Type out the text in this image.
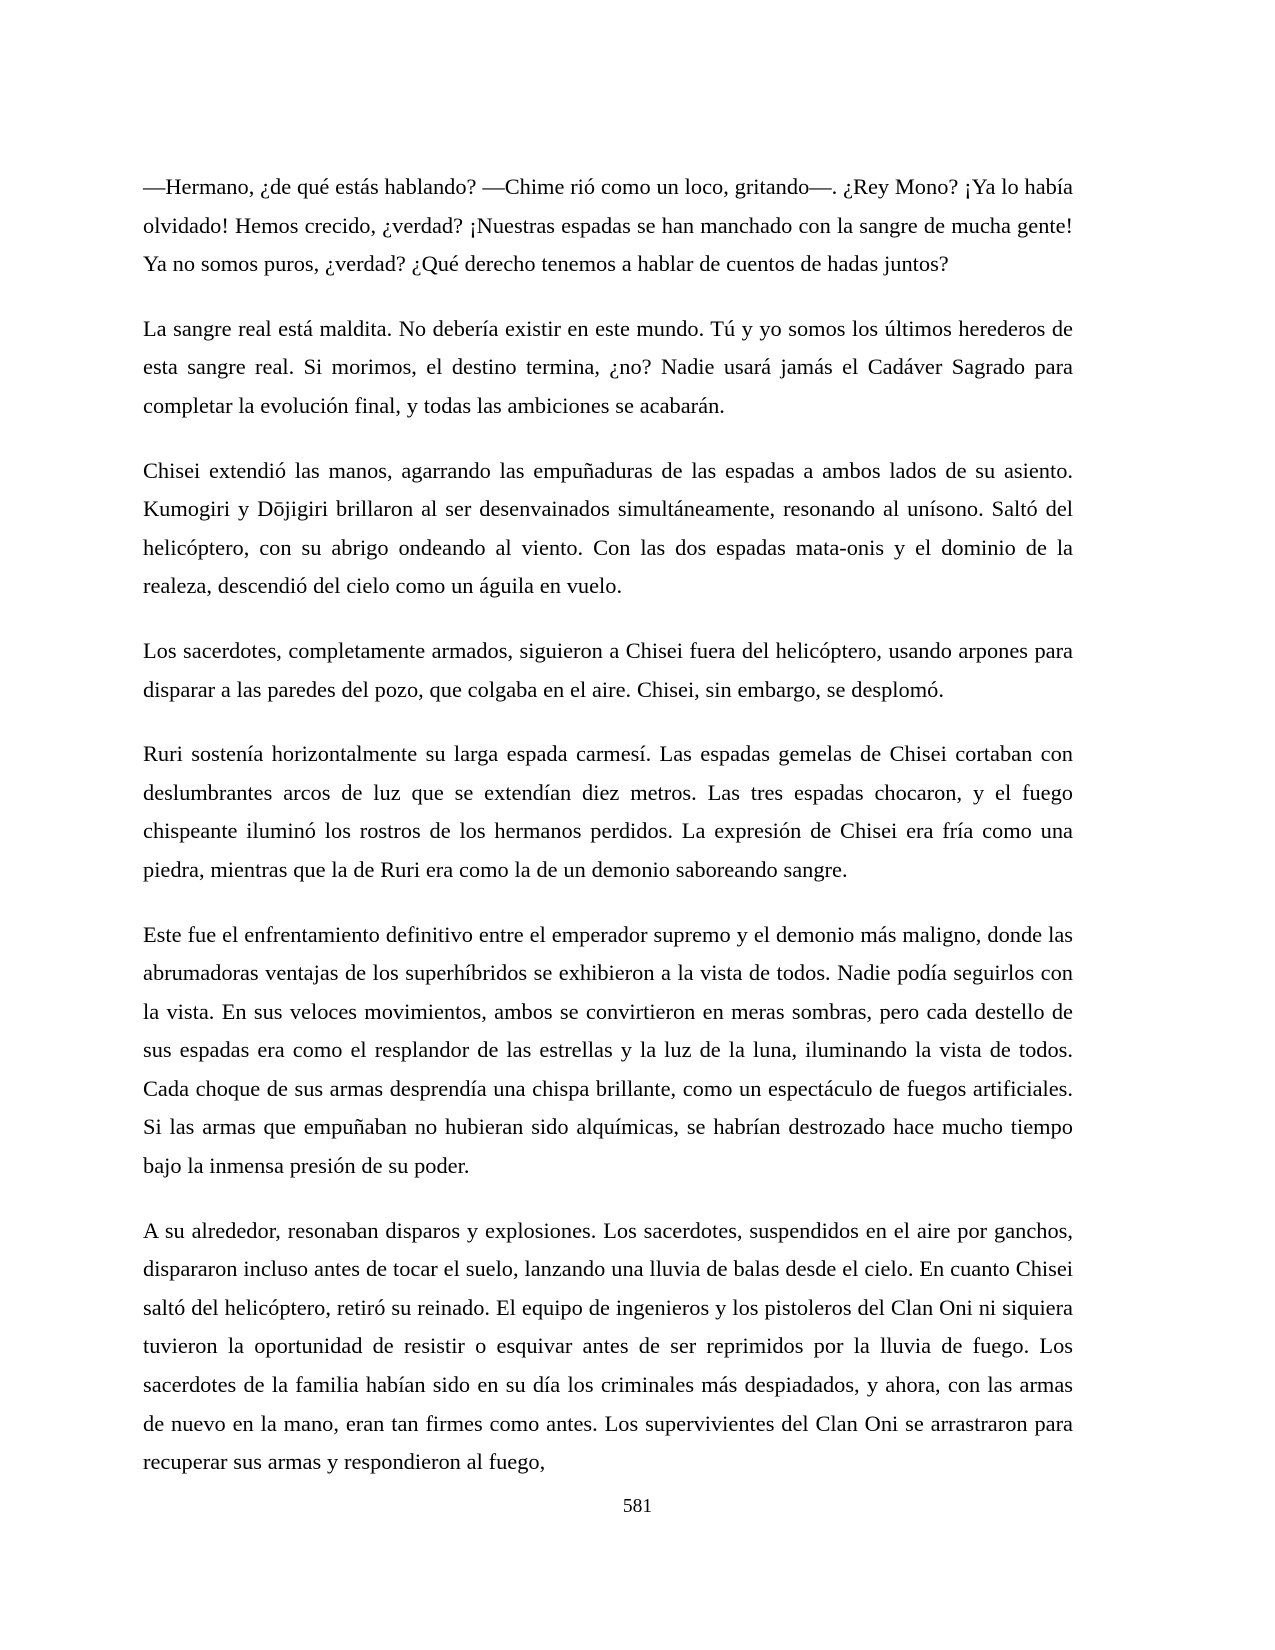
—Hermano, ¿de qué estás hablando? —Chime rió como un loco, gritando—. ¿Rey Mono? ¡Ya lo había olvidado! Hemos crecido, ¿verdad? ¡Nuestras espadas se han manchado con la sangre de mucha gente! Ya no somos puros, ¿verdad? ¿Qué derecho tenemos a hablar de cuentos de hadas juntos?

La sangre real está maldita. No debería existir en este mundo. Tú y yo somos los últimos herederos de esta sangre real. Si morimos, el destino termina, ¿no? Nadie usará jamás el Cadáver Sagrado para completar la evolución final, y todas las ambiciones se acabarán.

Chisei extendió las manos, agarrando las empuñaduras de las espadas a ambos lados de su asiento. Kumogiri y Dōjigiri brillaron al ser desenvainados simultáneamente, resonando al unísono. Saltó del helicóptero, con su abrigo ondeando al viento. Con las dos espadas mata-onis y el dominio de la realeza, descendió del cielo como un águila en vuelo.

Los sacerdotes, completamente armados, siguieron a Chisei fuera del helicóptero, usando arpones para disparar a las paredes del pozo, que colgaba en el aire. Chisei, sin embargo, se desplomó.

Ruri sostenía horizontalmente su larga espada carmesí. Las espadas gemelas de Chisei cortaban con deslumbrantes arcos de luz que se extendían diez metros. Las tres espadas chocaron, y el fuego chispeante iluminó los rostros de los hermanos perdidos. La expresión de Chisei era fría como una piedra, mientras que la de Ruri era como la de un demonio saboreando sangre.

Este fue el enfrentamiento definitivo entre el emperador supremo y el demonio más maligno, donde las abrumadoras ventajas de los superhíbridos se exhibieron a la vista de todos. Nadie podía seguirlos con la vista. En sus veloces movimientos, ambos se convirtieron en meras sombras, pero cada destello de sus espadas era como el resplandor de las estrellas y la luz de la luna, iluminando la vista de todos. Cada choque de sus armas desprendía una chispa brillante, como un espectáculo de fuegos artificiales. Si las armas que empuñaban no hubieran sido alquímicas, se habrían destrozado hace mucho tiempo bajo la inmensa presión de su poder.

A su alrededor, resonaban disparos y explosiones. Los sacerdotes, suspendidos en el aire por ganchos, dispararon incluso antes de tocar el suelo, lanzando una lluvia de balas desde el cielo. En cuanto Chisei saltó del helicóptero, retiró su reinado. El equipo de ingenieros y los pistoleros del Clan Oni ni siquiera tuvieron la oportunidad de resistir o esquivar antes de ser reprimidos por la lluvia de fuego. Los sacerdotes de la familia habían sido en su día los criminales más despiadados, y ahora, con las armas de nuevo en la mano, eran tan firmes como antes. Los supervivientes del Clan Oni se arrastraron para recuperar sus armas y respondieron al fuego,

581
